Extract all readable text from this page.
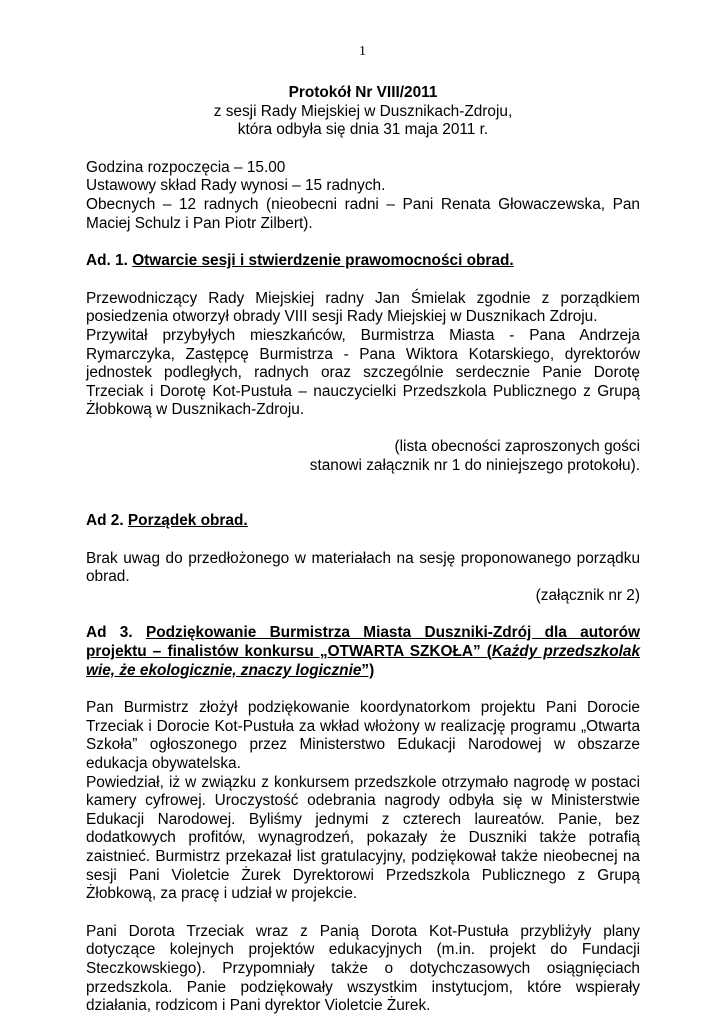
1

Protokół Nr VIII/2011

z sesji Rady Miejskiej w Dusznikach-Zdroju,

która odbyła się dnia 31 maja 2011 r.

Godzina rozpoczęcia – 15.00

Ustawowy skład Rady wynosi – 15 radnych.

Obecnych – 12 radnych (nieobecni radni – Pani Renata Głowaczewska, Pan Maciej Schulz i Pan Piotr Zilbert).

Ad. 1. Otwarcie sesji i stwierdzenie prawomocności obrad.

Przewodniczący Rady Miejskiej radny Jan Śmielak zgodnie z porządkiem posiedzenia otworzył obrady VIII sesji Rady Miejskiej w Dusznikach Zdroju.

Przywitał przybyłych mieszkańców, Burmistrza Miasta - Pana Andrzeja Rymarczyka, Zastępcę Burmistrza - Pana Wiktora Kotarskiego, dyrektorów jednostek podległych, radnych oraz szczególnie serdecznie Panie Dorotę Trzeciak i Dorotę Kot-Pustuła – nauczycielki Przedszkola Publicznego z Grupą Żłobkową w Dusznikach-Zdroju.

(lista obecności zaproszonych gości

stanowi załącznik nr 1 do niniejszego protokołu).

Ad 2. Porządek obrad.

Brak uwag do przedłożonego w materiałach na sesję proponowanego porządku obrad.

(załącznik nr 2)

Ad 3. Podziękowanie Burmistrza Miasta Duszniki-Zdrój dla autorów projektu – finalistów konkursu „OTWARTA SZKOŁA” (Każdy przedszkolak wie, że ekologicznie, znaczy logicznie”)

Pan Burmistrz złożył podziękowanie koordynatorkom projektu Pani Dorocie Trzeciak i Dorocie Kot-Pustuła za wkład włożony w realizację programu „Otwarta Szkoła” ogłoszonego przez Ministerstwo Edukacji Narodowej w obszarze edukacja obywatelska.

Powiedział, iż w związku z konkursem przedszkole otrzymało nagrodę w postaci kamery cyfrowej. Uroczystość odebrania nagrody odbyła się w Ministerstwie Edukacji Narodowej. Byliśmy jednymi z czterech laureatów. Panie, bez dodatkowych profitów, wynagrodzeń, pokazały że Duszniki także potrafią zaistnieć. Burmistrz przekazał list gratulacyjny, podziękował także nieobecnej na sesji Pani Violetcie Żurek Dyrektorowi Przedszkola Publicznego z Grupą Żłobkową, za pracę i udział w projekcie.

Pani Dorota Trzeciak wraz z Panią Dorota Kot-Pustuła przybliżyły plany dotyczące kolejnych projektów edukacyjnych (m.in. projekt do Fundacji Steczkowskiego). Przypomniały także o dotychczasowych osiągnięciach przedszkola. Panie podziękowały wszystkim instytucjom, które wspierały działania, rodzicom i Pani dyrektor Violetcie Żurek.
